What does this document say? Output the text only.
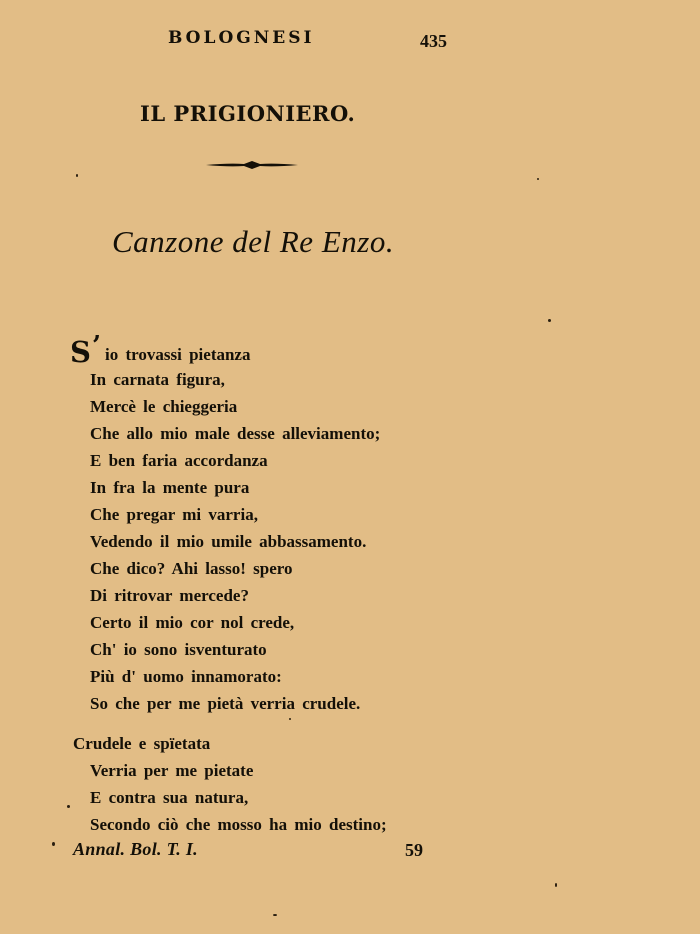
BOLOGNESI	435
IL PRIGIONIERO.
Canzone del Re Enzo.
S’ io trovassi pietanza
In carnata figura,
Mercè le chieggeria
Che allo mio male desse alleviamento;
E ben faria accordanza
In fra la mente pura
Che pregar mi varria,
Vedendo il mio umile abbassamento.
Che dico? Ahi lasso! spero
Di ritrovar mercede?
Certo il mio cor nol crede,
Ch' io sono isventurato
Più d' uomo innamorato:
So che per me pietà verria crudele.
Crudele e spïetata
Verria per me pietate
E contra sua natura,
Secondo ciò che mosso ha mio destino;
Annal. Bol. T. I.	59
